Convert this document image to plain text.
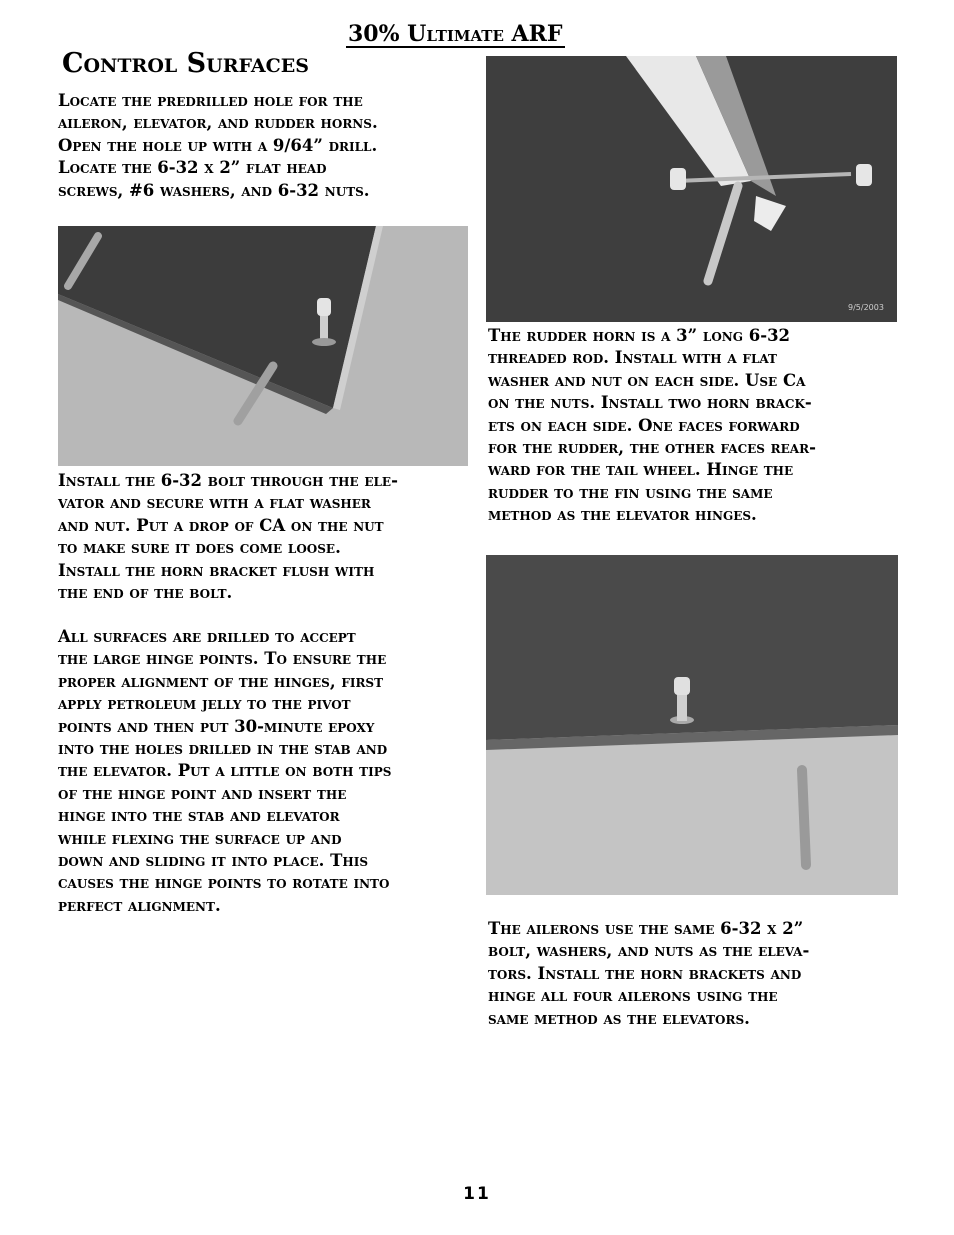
30% Ultimate ARF
Control Surfaces

Locate the predrilled hole for the
aileron, elevator, and rudder horns.
Open the hole up with a 9/64” drill.
Locate the 6-32 x 2” flat head
screws, #6 washers, and 6-32 nuts.

Install the 6-32 bolt through the ele-
vator and secure with a flat washer
and nut. Put a drop of CA on the nut
to make sure it does come loose.
Install the horn bracket flush with
the end of the bolt.

All surfaces are drilled to accept
the large hinge points. To ensure the
proper alignment of the hinges, first
apply petroleum jelly to the pivot
points and then put 30-minute epoxy
into the holes drilled in the stab and
the elevator. Put a little on both tips
of the hinge point and insert the
hinge into the stab and elevator
while flexing the surface up and
down and sliding it into place. This
causes the hinge points to rotate into
perfect alignment.

9/5/2003

The rudder horn is a 3” long 6-32
threaded rod. Install with a flat
washer and nut on each side. Use Ca
on the nuts. Install two horn brack-
ets on each side. One faces forward
for the rudder, the other faces rear-
ward for the tail wheel. Hinge the
rudder to the fin using the same
method as the elevator hinges.

The ailerons use the same 6-32 x 2”
bolt, washers, and nuts as the eleva-
tors. Install the horn brackets and
hinge all four ailerons using the
same method as the elevators.

11
